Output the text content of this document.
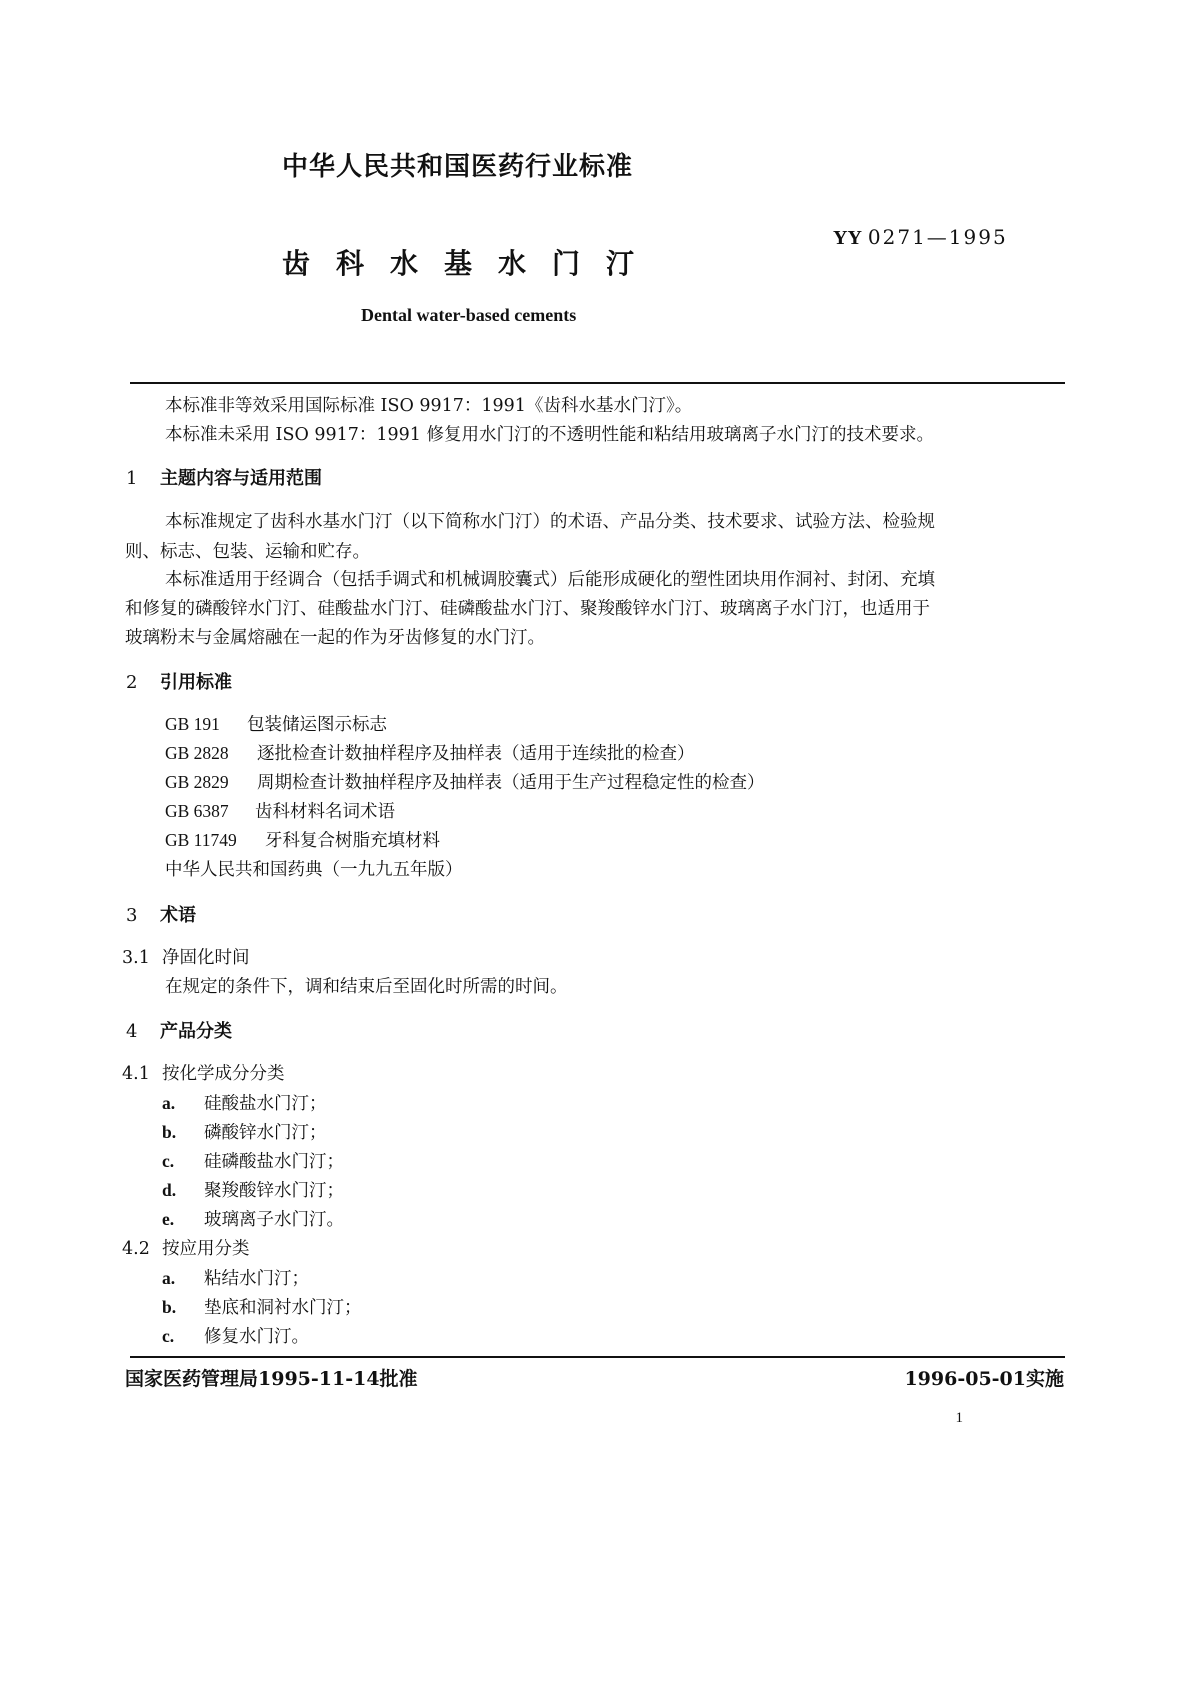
中华人民共和国医药行业标准
YY 0271—1995
齿科水基水门汀
Dental water-based cements
本标准非等效采用国际标准 ISO 9917：1991《齿科水基水门汀》。
本标准未采用 ISO 9917：1991 修复用水门汀的不透明性能和粘结用玻璃离子水门汀的技术要求。
1 主题内容与适用范围
本标准规定了齿科水基水门汀（以下简称水门汀）的术语、产品分类、技术要求、试验方法、检验规
则、标志、包装、运输和贮存。
本标准适用于经调合（包括手调式和机械调胶囊式）后能形成硬化的塑性团块用作洞衬、封闭、充填
和修复的磷酸锌水门汀、硅酸盐水门汀、硅磷酸盐水门汀、聚羧酸锌水门汀、玻璃离子水门汀，也适用于
玻璃粉末与金属熔融在一起的作为牙齿修复的水门汀。
2 引用标准
GB 191 包装储运图示标志
GB 2828 逐批检查计数抽样程序及抽样表（适用于连续批的检查）
GB 2829 周期检查计数抽样程序及抽样表（适用于生产过程稳定性的检查）
GB 6387 齿科材料名词术语
GB 11749 牙科复合树脂充填材料
中华人民共和国药典（一九九五年版）
3 术语
3.1 净固化时间
在规定的条件下，调和结束后至固化时所需的时间。
4 产品分类
4.1 按化学成分分类
a. 硅酸盐水门汀；
b. 磷酸锌水门汀；
c. 硅磷酸盐水门汀；
d. 聚羧酸锌水门汀；
e. 玻璃离子水门汀。
4.2 按应用分类
a. 粘结水门汀；
b. 垫底和洞衬水门汀；
c. 修复水门汀。
国家医药管理局1995-11-14批准	1996-05-01实施
1
